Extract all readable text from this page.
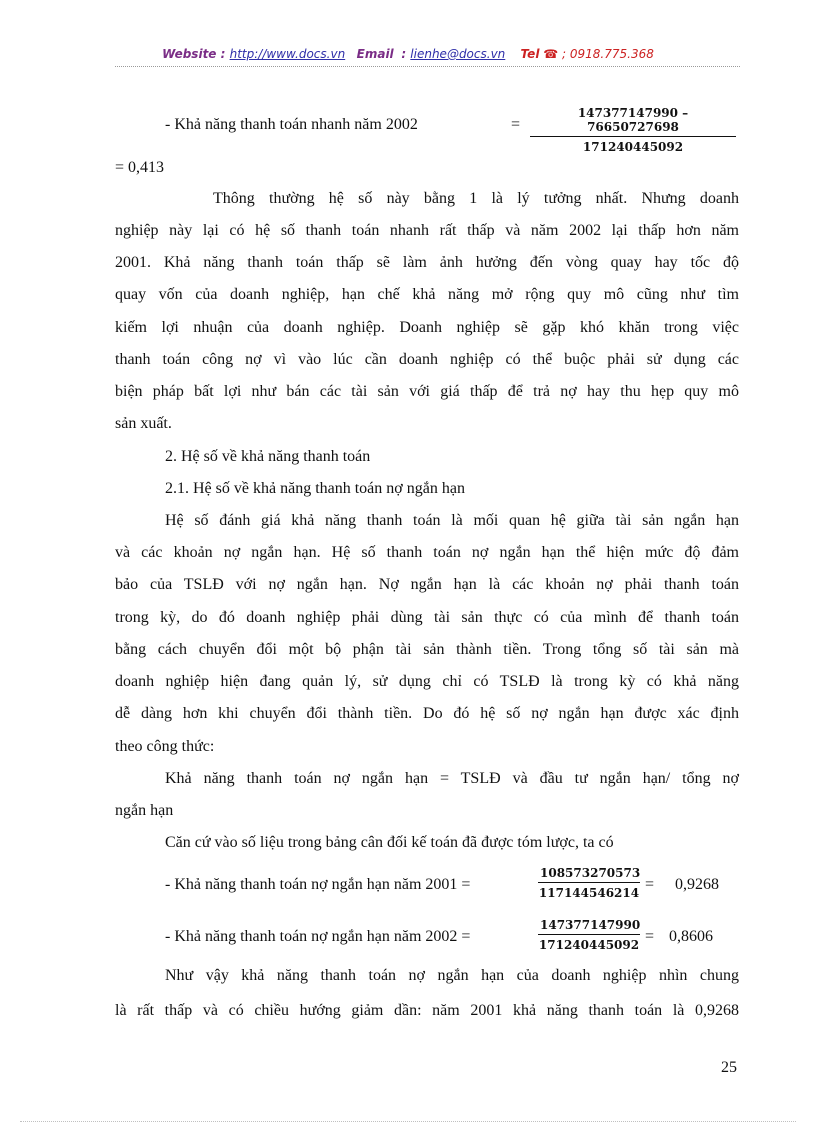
Website : http://www.docs.vn Email : lienhe@docs.vn Tel ☎ ; 0918.775.368
- Khả năng thanh toán nhanh năm 2002	=
147377147990 – 76650727698
171240445092
= 0,413
Thông thường hệ số này bằng 1 là lý tưởng nhất. Nhưng doanh
nghiệp này lại có hệ số thanh toán nhanh rất thấp và năm 2002 lại thấp hơn năm
2001. Khả năng thanh toán thấp sẽ làm ảnh hưởng đến vòng quay hay tốc độ
quay vốn của doanh nghiệp, hạn chế khả năng mở rộng quy mô cũng như tìm
kiếm lợi nhuận của doanh nghiệp. Doanh nghiệp sẽ gặp khó khăn trong việc
thanh toán công nợ vì vào lúc cần doanh nghiệp có thể buộc phải sử dụng các
biện pháp bất lợi như bán các tài sản với giá thấp để trả nợ hay thu hẹp quy mô
sản xuất.
2. Hệ số về khả năng thanh toán
2.1. Hệ số về khả năng thanh toán nợ ngắn hạn
Hệ số đánh giá khả năng thanh toán là mối quan hệ giữa tài sản ngắn hạn
và các khoản nợ ngắn hạn. Hệ số thanh toán nợ ngắn hạn thể hiện mức độ đảm
bảo của TSLĐ với nợ ngắn hạn. Nợ ngắn hạn là các khoản nợ phải thanh toán
trong kỳ, do đó doanh nghiệp phải dùng tài sản thực có của mình để thanh toán
bằng cách chuyển đổi một bộ phận tài sản thành tiền. Trong tổng số tài sản mà
doanh nghiệp hiện đang quản lý, sử dụng chỉ có TSLĐ là trong kỳ có khả năng
dễ dàng hơn khi chuyển đổi thành tiền. Do đó hệ số nợ ngắn hạn được xác định
theo công thức:
Khả năng thanh toán nợ ngắn hạn = TSLĐ và đầu tư ngắn hạn/ tổng nợ
ngắn hạn
Căn cứ vào số liệu trong bảng cân đối kế toán đã được tóm lược, ta có
- Khả năng thanh toán nợ ngắn hạn năm 2001 =
108573270573
117144546214 = 0,9268
- Khả năng thanh toán nợ ngắn hạn năm 2002 =
147377147990
171240445092 = 0,8606
Như vậy khả năng thanh toán nợ ngắn hạn của doanh nghiệp nhìn chung
là rất thấp và có chiều hướng giảm dần: năm 2001 khả năng thanh toán là 0,9268
25
